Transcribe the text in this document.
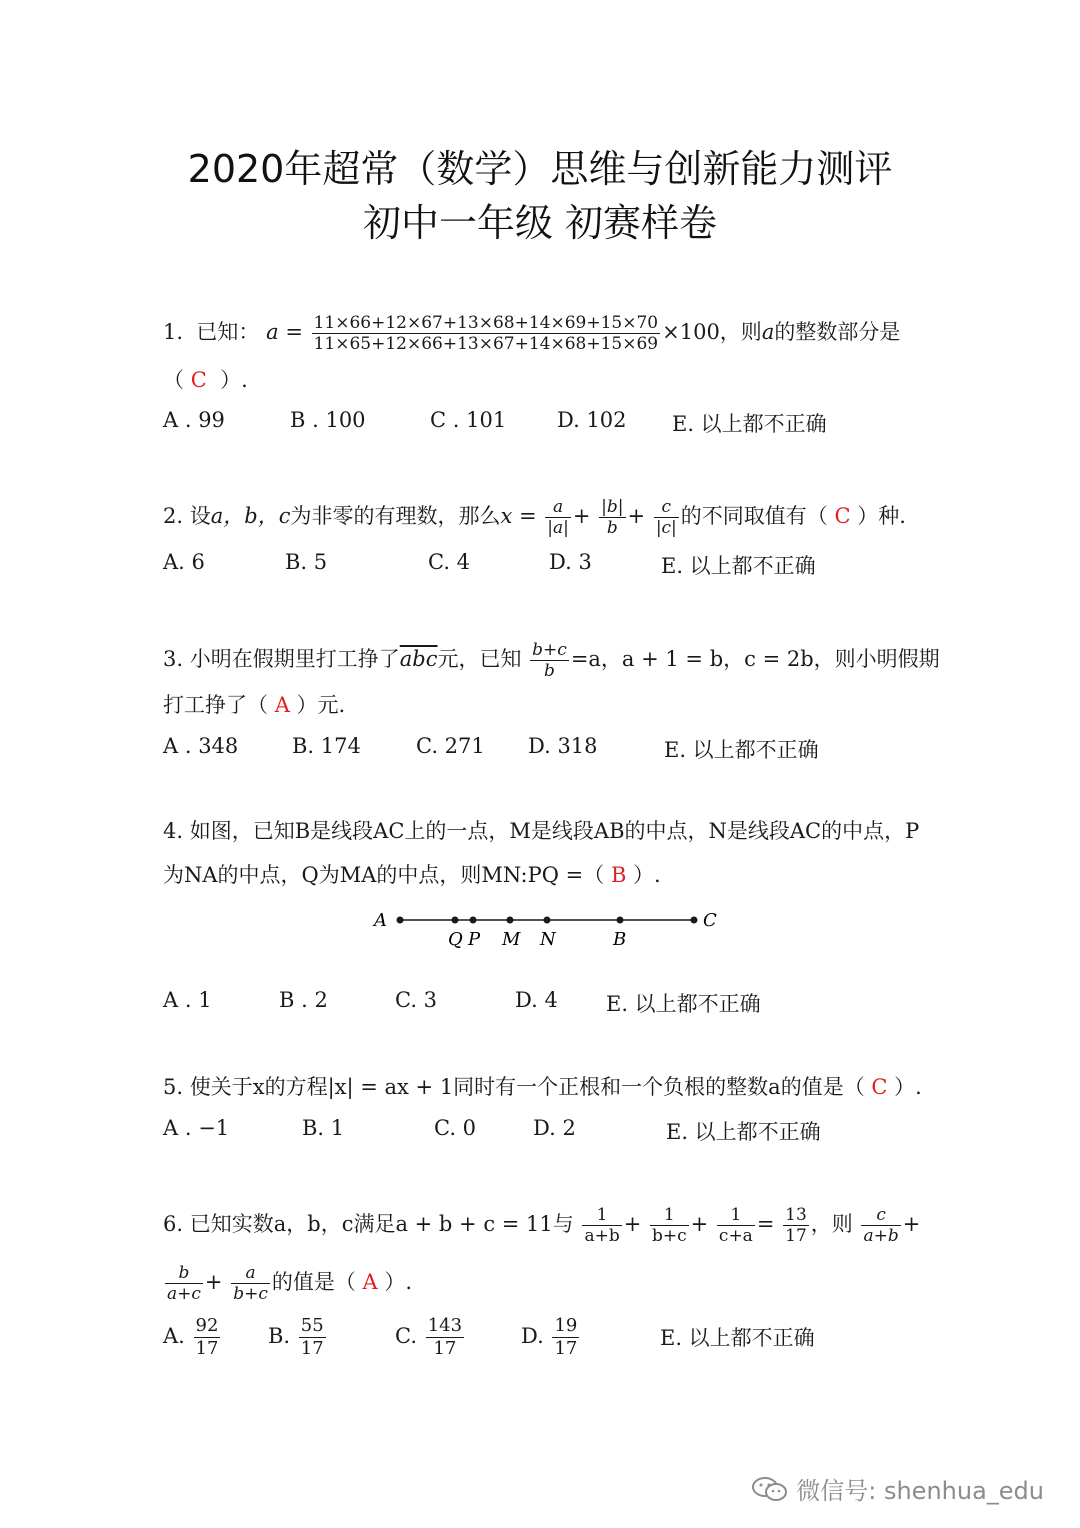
2020年超常（数学）思维与创新能力测评
初中一年级 初赛样卷
1. 已知： $a = \frac{11\times 66+12\times 67+13\times 68+14\times 69+15\times 70}{11\times 65+12\times 66+13\times 67+14\times 68+15\times 69} \times 100$，则a的整数部分是
（ C ）.
A . 99	B . 100	C . 101 D. 102 E. 以上都不正确
2. 设a，b，c为非零的有理数，那么$x = \frac{a}{|a|} + \frac{|b|}{b} + \frac{c}{|c|}$ 的不同取值有（ C ）种.
A. 6	B. 5	C. 4	D. 3	E. 以上都不正确
3. 小明在假期里打工挣了$\overline{abc}$元，已知 $\frac{b+c}{b} =a$，a + 1 = b，c = 2b，则小明假期
打工挣了（ A ）元.
A . 348	B. 174	C. 271 D. 318	E. 以上都不正确
4. 如图，已知B是线段AC上的一点，M是线段AB的中点，N是线段AC的中点，P
为NA的中点，Q为MA的中点，则MN:PQ =（ B ）.
A
Q P M N	B
C
A . 1	B . 2	C. 3	D. 4 E. 以上都不正确
5. 使关于x的方程|x| = ax + 1同时有一个正根和一个负根的整数a的值是（ C ）.
A . −1	B. 1	C. 0	D. 2	E. 以上都不正确
6. 已知实数a，b，c满足a + b + c = 11与 $\frac{1}{a+b} + \frac{1}{b+c} + \frac{1}{c+a} = \frac{13}{17}$ ，则 $\frac{c}{a+b}$ +
$\frac{b}{a+c} + \frac{a}{b+c}$ 的值是（ A ）.
A. $\frac{92}{17} B$. $\frac{55}{17}$	C. $\frac{143}{17}$	D. $\frac{19}{17}$	E. 以上都不正确
微信号: shenhua_edu
